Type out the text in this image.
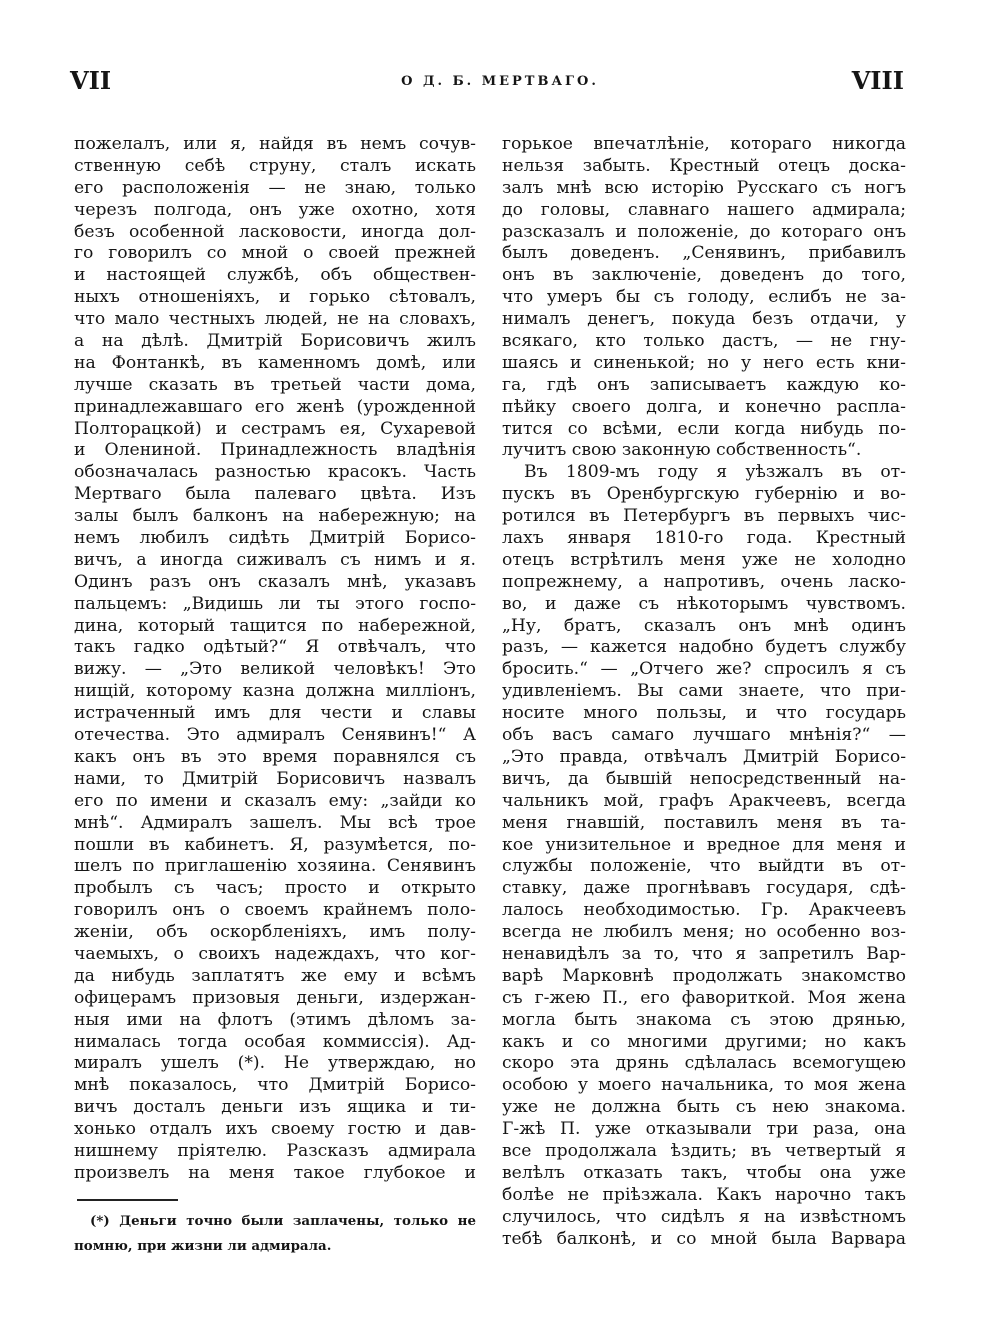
VII	О Д. Б. МЕРТВАГО.	VIII
пожелалъ, или я, найдя въ немъ сочув-
ственную себѣ струну, сталъ искать
его расположенія — не знаю, только
черезъ полгода, онъ уже охотно, хотя
безъ особенной ласковости, иногда дол-
го говорилъ со мной о своей прежней
и настоящей службѣ, объ обществен-
ныхъ отношеніяхъ, и горько сѣтовалъ,
что мало честныхъ людей, не на словахъ,
а на дѣлѣ. Дмитрій Борисовичъ жилъ
на Фонтанкѣ, въ каменномъ домѣ, или
лучше сказать въ третьей части дома,
принадлежавшаго его женѣ (урожденной
Полторацкой) и сестрамъ ея, Сухаревой
и Олениной. Принадлежность владѣнія
обозначалась разностью красокъ. Часть
Мертваго была палеваго цвѣта. Изъ
залы былъ балконъ на набережную; на
немъ любилъ сидѣть Дмитрій Борисо-
вичъ, а иногда сиживалъ съ нимъ и я.
Одинъ разъ онъ сказалъ мнѣ, указавъ
пальцемъ: „Видишь ли ты этого госпо-
дина, который тащится по набережной,
такъ гадко одѣтый?“ Я отвѣчалъ, что
вижу. — „Это великой человѣкъ! Это
нищій, которому казна должна милліонъ,
истраченный имъ для чести и славы
отечества. Это адмиралъ Сенявинъ!“ А
какъ онъ въ это время поравнялся съ
нами, то Дмитрій Борисовичъ назвалъ
его по имени и сказалъ ему: „зайди ко
мнѣ“. Адмиралъ зашелъ. Мы всѣ трое
пошли въ кабинетъ. Я, разумѣется, по-
шелъ по приглашенію хозяина. Сенявинъ
пробылъ съ часъ; просто и открыто
говорилъ онъ о своемъ крайнемъ поло-
женіи, объ оскорбленіяхъ, имъ полу-
чаемыхъ, о своихъ надеждахъ, что ког-
да нибудь заплатятъ же ему и всѣмъ
офицерамъ призовыя деньги, издержан-
ныя ими на флотъ (этимъ дѣломъ за-
нималась тогда особая коммиссія). Ад-
миралъ ушелъ (*). Не утверждаю, но
мнѣ показалось, что Дмитрій Борисо-
вичъ досталъ деньги изъ ящика и ти-
хонько отдалъ ихъ своему гостю и дав-
нишнему пріятелю. Разсказъ адмирала
произвелъ на меня такое глубокое и
горькое впечатлѣніе, котораго никогда
нельзя забыть. Крестный отецъ доска-
залъ мнѣ всю исторію Русскаго съ ногъ
до головы, славнаго нашего адмирала;
разсказалъ и положеніе, до котораго онъ
былъ доведенъ. „Сенявинъ, прибавилъ
онъ въ заключеніе, доведенъ до того,
что умеръ бы съ голоду, еслибъ не за-
нималъ денегъ, покуда безъ отдачи, у
всякаго, кто только дастъ, — не гну-
шаясь и синенькой; но у него есть кни-
га, гдѣ онъ записываетъ каждую ко-
пѣйку своего долга, и конечно распла-
тится со всѣми, если когда нибудь по-
лучитъ свою законную собственность“.
Въ 1809-мъ году я уѣзжалъ въ от-
пускъ въ Оренбургскую губернію и во-
ротился въ Петербургъ въ первыхъ чис-
лахъ января 1810-го года. Крестный
отецъ встрѣтилъ меня уже не холодно
попрежнему, а напротивъ, очень ласко-
во, и даже съ нѣкоторымъ чувствомъ.
„Ну, братъ, сказалъ онъ мнѣ одинъ
разъ, — кажется надобно будетъ службу
бросить.“ — „Отчего же? спросилъ я съ
удивленіемъ. Вы сами знаете, что при-
носите много пользы, и что государь
объ васъ самаго лучшаго мнѣнія?“ —
„Это правда, отвѣчалъ Дмитрій Борисо-
вичъ, да бывшій непосредственный на-
чальникъ мой, графъ Аракчеевъ, всегда
меня гнавшій, поставилъ меня въ та-
кое унизительное и вредное для меня и
службы положеніе, что выйдти въ от-
ставку, даже прогнѣвавъ государя, сдѣ-
лалось необходимостью. Гр. Аракчеевъ
всегда не любилъ меня; но особенно воз-
ненавидѣлъ за то, что я запретилъ Вар-
варѣ Марковнѣ продолжать знакомство
съ г-жею П., его фавориткой. Моя жена
могла быть знакома съ этою дрянью,
какъ и со многими другими; но какъ
скоро эта дрянь сдѣлалась всемогущею
особою у моего начальника, то моя жена
уже не должна быть съ нею знакома.
Г-жѣ П. уже отказывали три раза, она
все продолжала ѣздить; въ четвертый я
велѣлъ отказать такъ, чтобы она уже
болѣе не пріѣзжала. Какъ нарочно такъ
случилось, что сидѣлъ я на извѣстномъ
тебѣ балконѣ, и со мной была Варвара
(*) Деньги точно были заплачены, только не
помню, при жизни ли адмирала.
